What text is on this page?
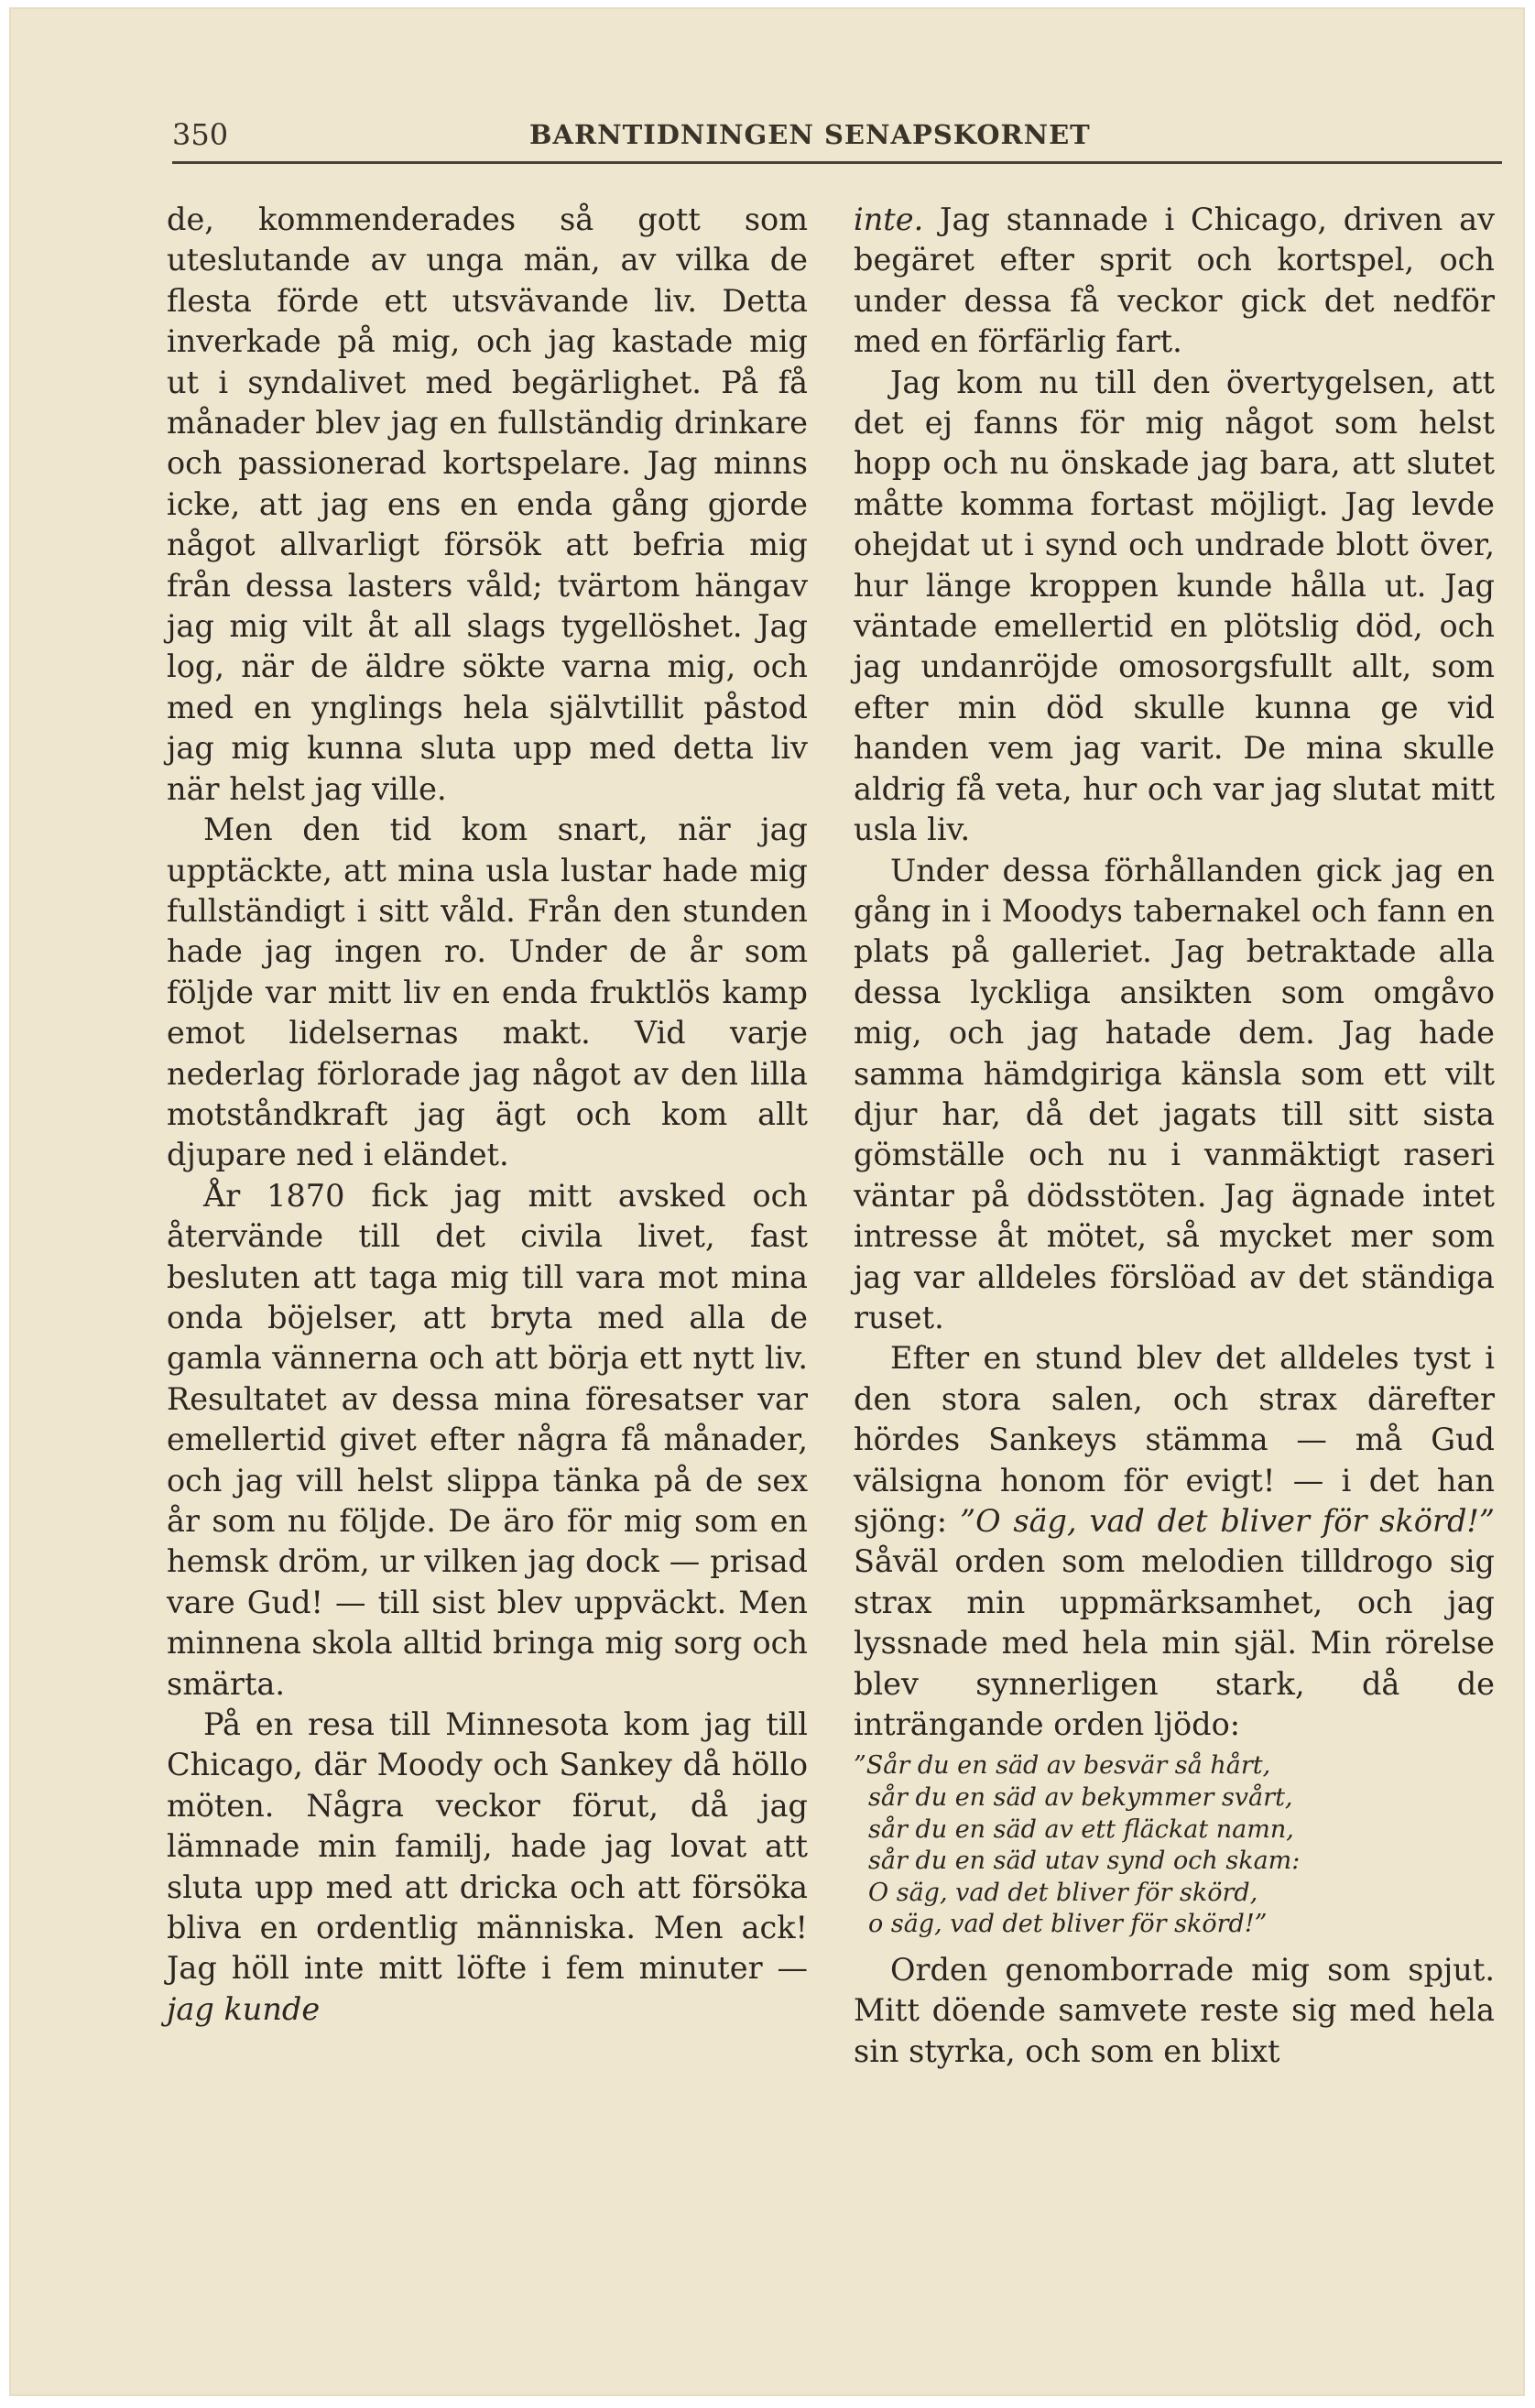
350	BARNTIDNINGEN SENAPSKORNET

de, kommenderades så gott som uteslutande av unga män, av vilka de flesta förde ett utsvävande liv. Detta inverkade på mig, och jag kastade mig ut i syndalivet med begärlighet. På få månader blev jag en fullständig drinkare och passionerad kortspelare. Jag minns icke, att jag ens en enda gång gjorde något allvarligt försök att befria mig från dessa lasters våld; tvärtom hängav jag mig vilt åt all slags tygellöshet. Jag log, när de äldre sökte varna mig, och med en ynglings hela självtillit påstod jag mig kunna sluta upp med detta liv när helst jag ville.

Men den tid kom snart, när jag upptäckte, att mina usla lustar hade mig fullständigt i sitt våld. Från den stunden hade jag ingen ro. Under de år som följde var mitt liv en enda fruktlös kamp emot lidelsernas makt. Vid varje nederlag förlorade jag något av den lilla motståndkraft jag ägt och kom allt djupare ned i eländet.

År 1870 fick jag mitt avsked och återvände till det civila livet, fast besluten att taga mig till vara mot mina onda böjelser, att bryta med alla de gamla vännerna och att börja ett nytt liv. Resultatet av dessa mina föresatser var emellertid givet efter några få månader, och jag vill helst slippa tänka på de sex år som nu följde. De äro för mig som en hemsk dröm, ur vilken jag dock — prisad vare Gud! — till sist blev uppväckt. Men minnena skola alltid bringa mig sorg och smärta.

På en resa till Minnesota kom jag till Chicago, där Moody och Sankey då höllo möten. Några veckor förut, då jag lämnade min familj, hade jag lovat att sluta upp med att dricka och att försöka bliva en ordentlig människa. Men ack! Jag höll inte mitt löfte i fem minuter — jag kunde

inte. Jag stannade i Chicago, driven av begäret efter sprit och kortspel, och under dessa få veckor gick det nedför med en förfärlig fart.

Jag kom nu till den övertygelsen, att det ej fanns för mig något som helst hopp och nu önskade jag bara, att slutet måtte komma fortast möjligt. Jag levde ohejdat ut i synd och undrade blott över, hur länge kroppen kunde hålla ut. Jag väntade emellertid en plötslig död, och jag undanröjde omosorgsfullt allt, som efter min död skulle kunna ge vid handen vem jag varit. De mina skulle aldrig få veta, hur och var jag slutat mitt usla liv.

Under dessa förhållanden gick jag en gång in i Moodys tabernakel och fann en plats på galleriet. Jag betraktade alla dessa lyckliga ansikten som omgåvo mig, och jag hatade dem. Jag hade samma hämdgiriga känsla som ett vilt djur har, då det jagats till sitt sista gömställe och nu i vanmäktigt raseri väntar på dödsstöten. Jag ägnade intet intresse åt mötet, så mycket mer som jag var alldeles förslöad av det ständiga ruset.

Efter en stund blev det alldeles tyst i den stora salen, och strax därefter hördes Sankeys stämma — må Gud välsigna honom för evigt! — i det han sjöng: ”O säg, vad det bliver för skörd!” Såväl orden som melodien tilldrogo sig strax min uppmärksamhet, och jag lyssnade med hela min själ. Min rörelse blev synnerligen stark, då de inträngande orden ljödo:

”Sår du en säd av besvär så hårt,
sår du en säd av bekymmer svårt,
sår du en säd av ett fläckat namn,
sår du en säd utav synd och skam:
O säg, vad det bliver för skörd,
o säg, vad det bliver för skörd!”

Orden genomborrade mig som spjut. Mitt döende samvete reste sig med hela sin styrka, och som en blixt
